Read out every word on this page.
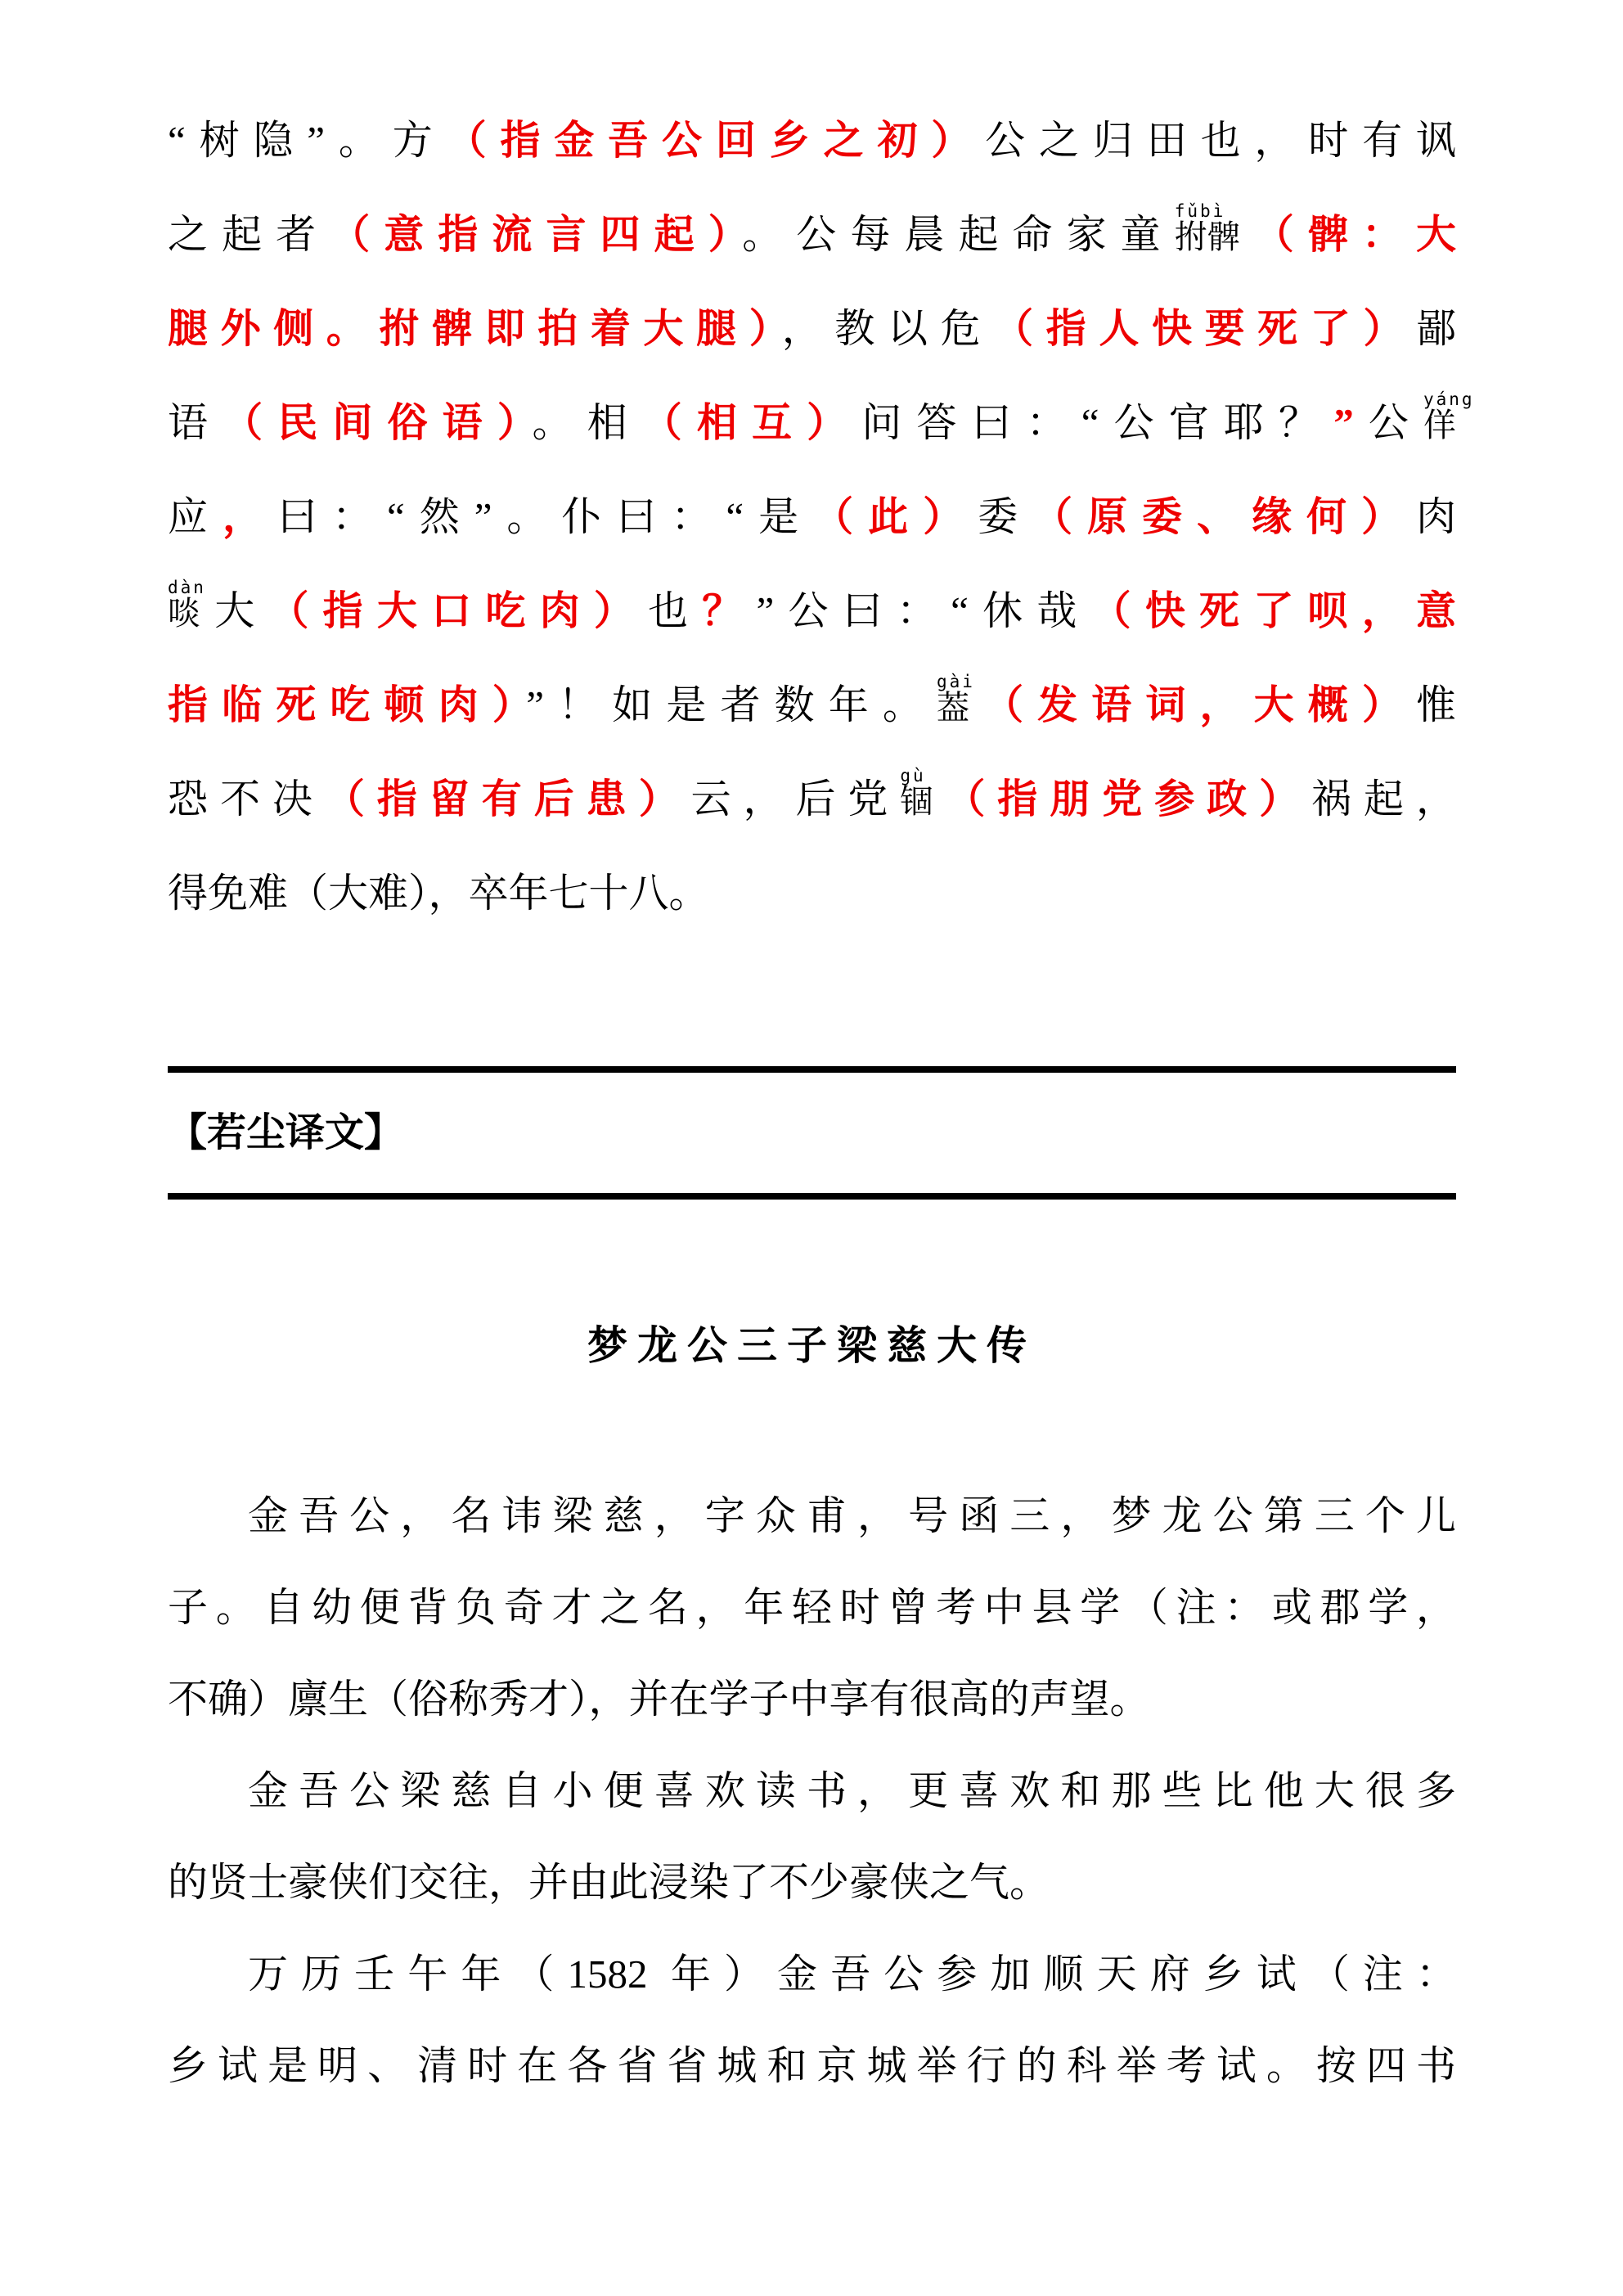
“树隐”。方（指金吾公回乡之初）公之归田也，时有讽
之起者（意指流言四起）。公每晨起命家童
fǔbì
拊髀（髀：大
腿外侧。拊髀即拍着大腿），教以危（指人快要死了）鄙
语（民间俗语）。相（相互）问答曰：“公官耶？”公
yáng
佯
应，曰：“然”。仆曰：“是（此）委（原委、缘何）肉
dàn
啖大（指大口吃肉）也？”公曰：“休哉（快死了呗，意
指临死吃顿肉）”！如是者数年。
gài
葢（发语词，大概）惟
恐不决（指留有后患）云，后党
gù
锢（指朋党参政）祸起，
得免难（大难），卒年七十八。
【若尘译文】
梦龙公三子梁慈大传
金吾公，名讳梁慈，字众甫，号函三，梦龙公第三个儿
子。自幼便背负奇才之名，年轻时曾考中县学（注：或郡学，
不确）廪生（俗称秀才），并在学子中享有很高的声望。
金吾公梁慈自小便喜欢读书，更喜欢和那些比他大很多
的贤士豪侠们交往，并由此浸染了不少豪侠之气。
万历壬午年（1582 年）金吾公参加顺天府乡试（注：
乡试是明、清时在各省省城和京城举行的科举考试。按四书
